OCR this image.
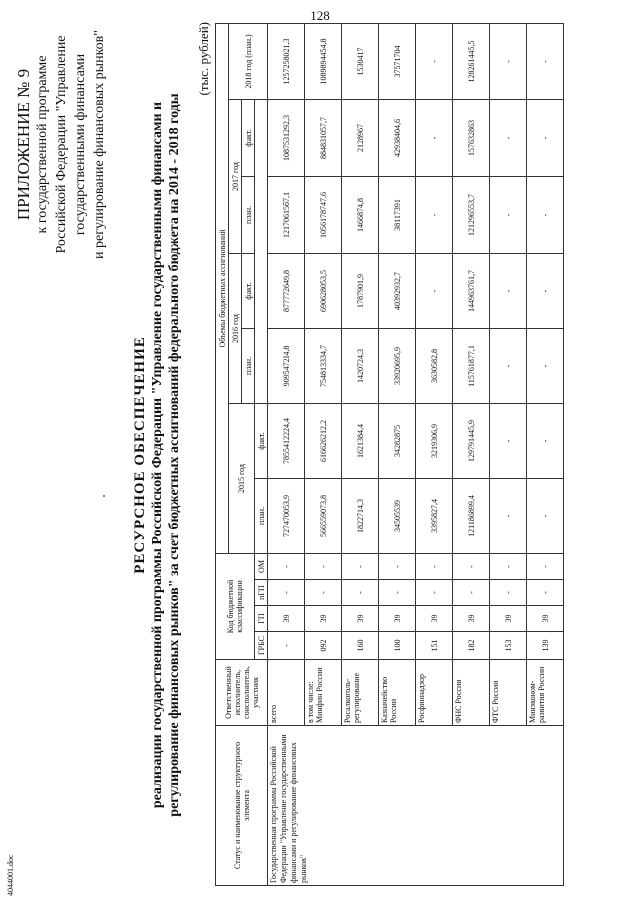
128
4044001.doc
ПРИЛОЖЕНИЕ № 9 к государственной программе Российской Федерации "Управление государственными финансами и регулирование финансовых рынков"
РЕСУРСНОЕ ОБЕСПЕЧЕНИЕ реализации государственной программы Российской Федерации "Управление государственными финансами и регулирование финансовых рынков" за счет бюджетных ассигнований федерального бюджета на 2014 - 2018 годы
(тыс. рублей)
Статус и наименование структурного элемента	Ответственный исполнитель, соисполнитель, участник	Код бюджетной классификации				Объемы бюджетных ассигнований						
						2015 год		2016 год		2017 год		2018 год (план.)
								план.	факт.	план.	факт.	
		ГРБС	ГП	пГП	ОМ	план.	факт.					
Государственная программа Российской Федерации "Управление государственными финансами и регулирование финансовых рынков"	всего	-	39	-	-	72747005З,9	7855412224,4	9095472I4,8	877772649,8	12170615б7,1	1087531292,3	1257258021,3
	в том числе: Минфин России	092	39	-	-	566559073,8	616626212,2	754813334,7	690628053,5	1056178747,6	884831057,7	1089894454,8
	Росалкоголь-регулирование	160	39	-	-	1822714,3	1621384,4	1420724,3	1787901,9	1466874,8	2128967	1530417
	Казначейство России	100	39	-	-	34505539	34282875	33920695,9	40392932,7	38117391	42938404,6	37571704
	Росфиннадзор	151	39	-	-	3395827,4	3219306,9	3630582,8	-	-	-	-
	ФНС России	182	39	-	-	121186899,4	129791445,9	115761877,1	144963761,7	121296553,7	157632863	128261445,5
	ФТС России	153	39	-	-	-	-	-	-	-	-	-
	Минэконом-развития России	139	39	-	-	-	-	-	-	-	-	-
